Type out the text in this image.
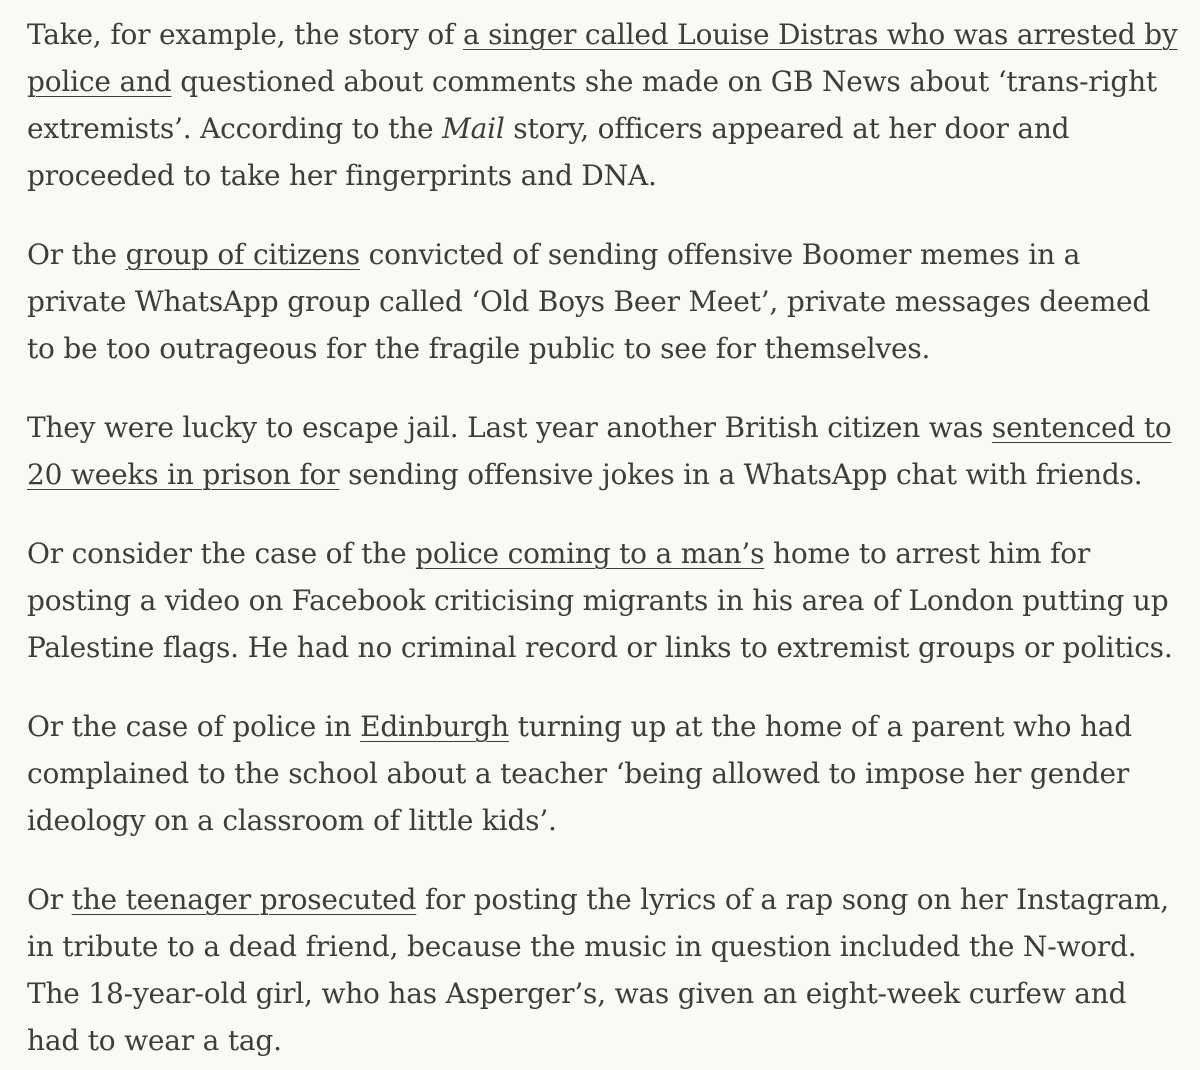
Take, for example, the story of a singer called Louise Distras who was arrested by police and questioned about comments she made on GB News about ‘trans-right extremists’. According to the Mail story, officers appeared at her door and proceeded to take her fingerprints and DNA.

Or the group of citizens convicted of sending offensive Boomer memes in a private WhatsApp group called ‘Old Boys Beer Meet’, private messages deemed to be too outrageous for the fragile public to see for themselves.

They were lucky to escape jail. Last year another British citizen was sentenced to 20 weeks in prison for sending offensive jokes in a WhatsApp chat with friends.

Or consider the case of the police coming to a man’s home to arrest him for posting a video on Facebook criticising migrants in his area of London putting up Palestine flags. He had no criminal record or links to extremist groups or politics.

Or the case of police in Edinburgh turning up at the home of a parent who had complained to the school about a teacher ‘being allowed to impose her gender ideology on a classroom of little kids’.

Or the teenager prosecuted for posting the lyrics of a rap song on her Instagram, in tribute to a dead friend, because the music in question included the N-word. The 18-year-old girl, who has Asperger’s, was given an eight-week curfew and had to wear a tag.
